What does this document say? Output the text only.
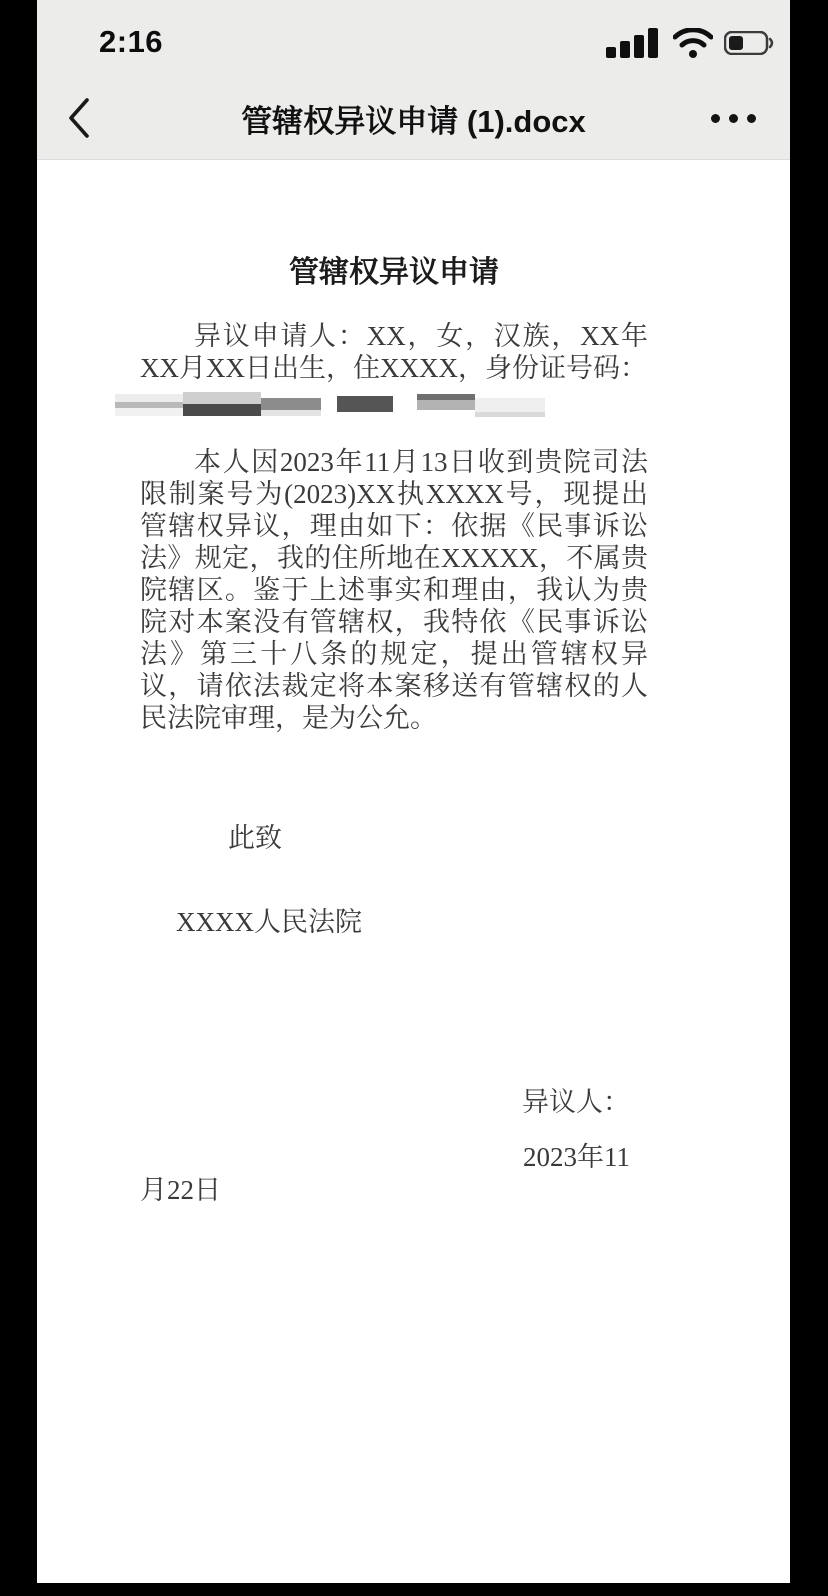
2:16
管辖权异议申请 (1).docx
管辖权异议申请
异议申请人：XX，女，汉族，XX年XX月XX日出生，住XXXX，身份证号码：
本人因2023年11月13日收到贵院司法限制案号为(2023)XX执XXXX号，现提出管辖权异议，理由如下：依据《民事诉讼法》规定，我的住所地在XXXXX，不属贵院辖区。鉴于上述事实和理由，我认为贵院对本案没有管辖权，我特依《民事诉讼法》第三十八条的规定，提出管辖权异议，请依法裁定将本案移送有管辖权的人民法院审理，是为公允。
此致
XXXX人民法院
异议人：
2023年11月22日
